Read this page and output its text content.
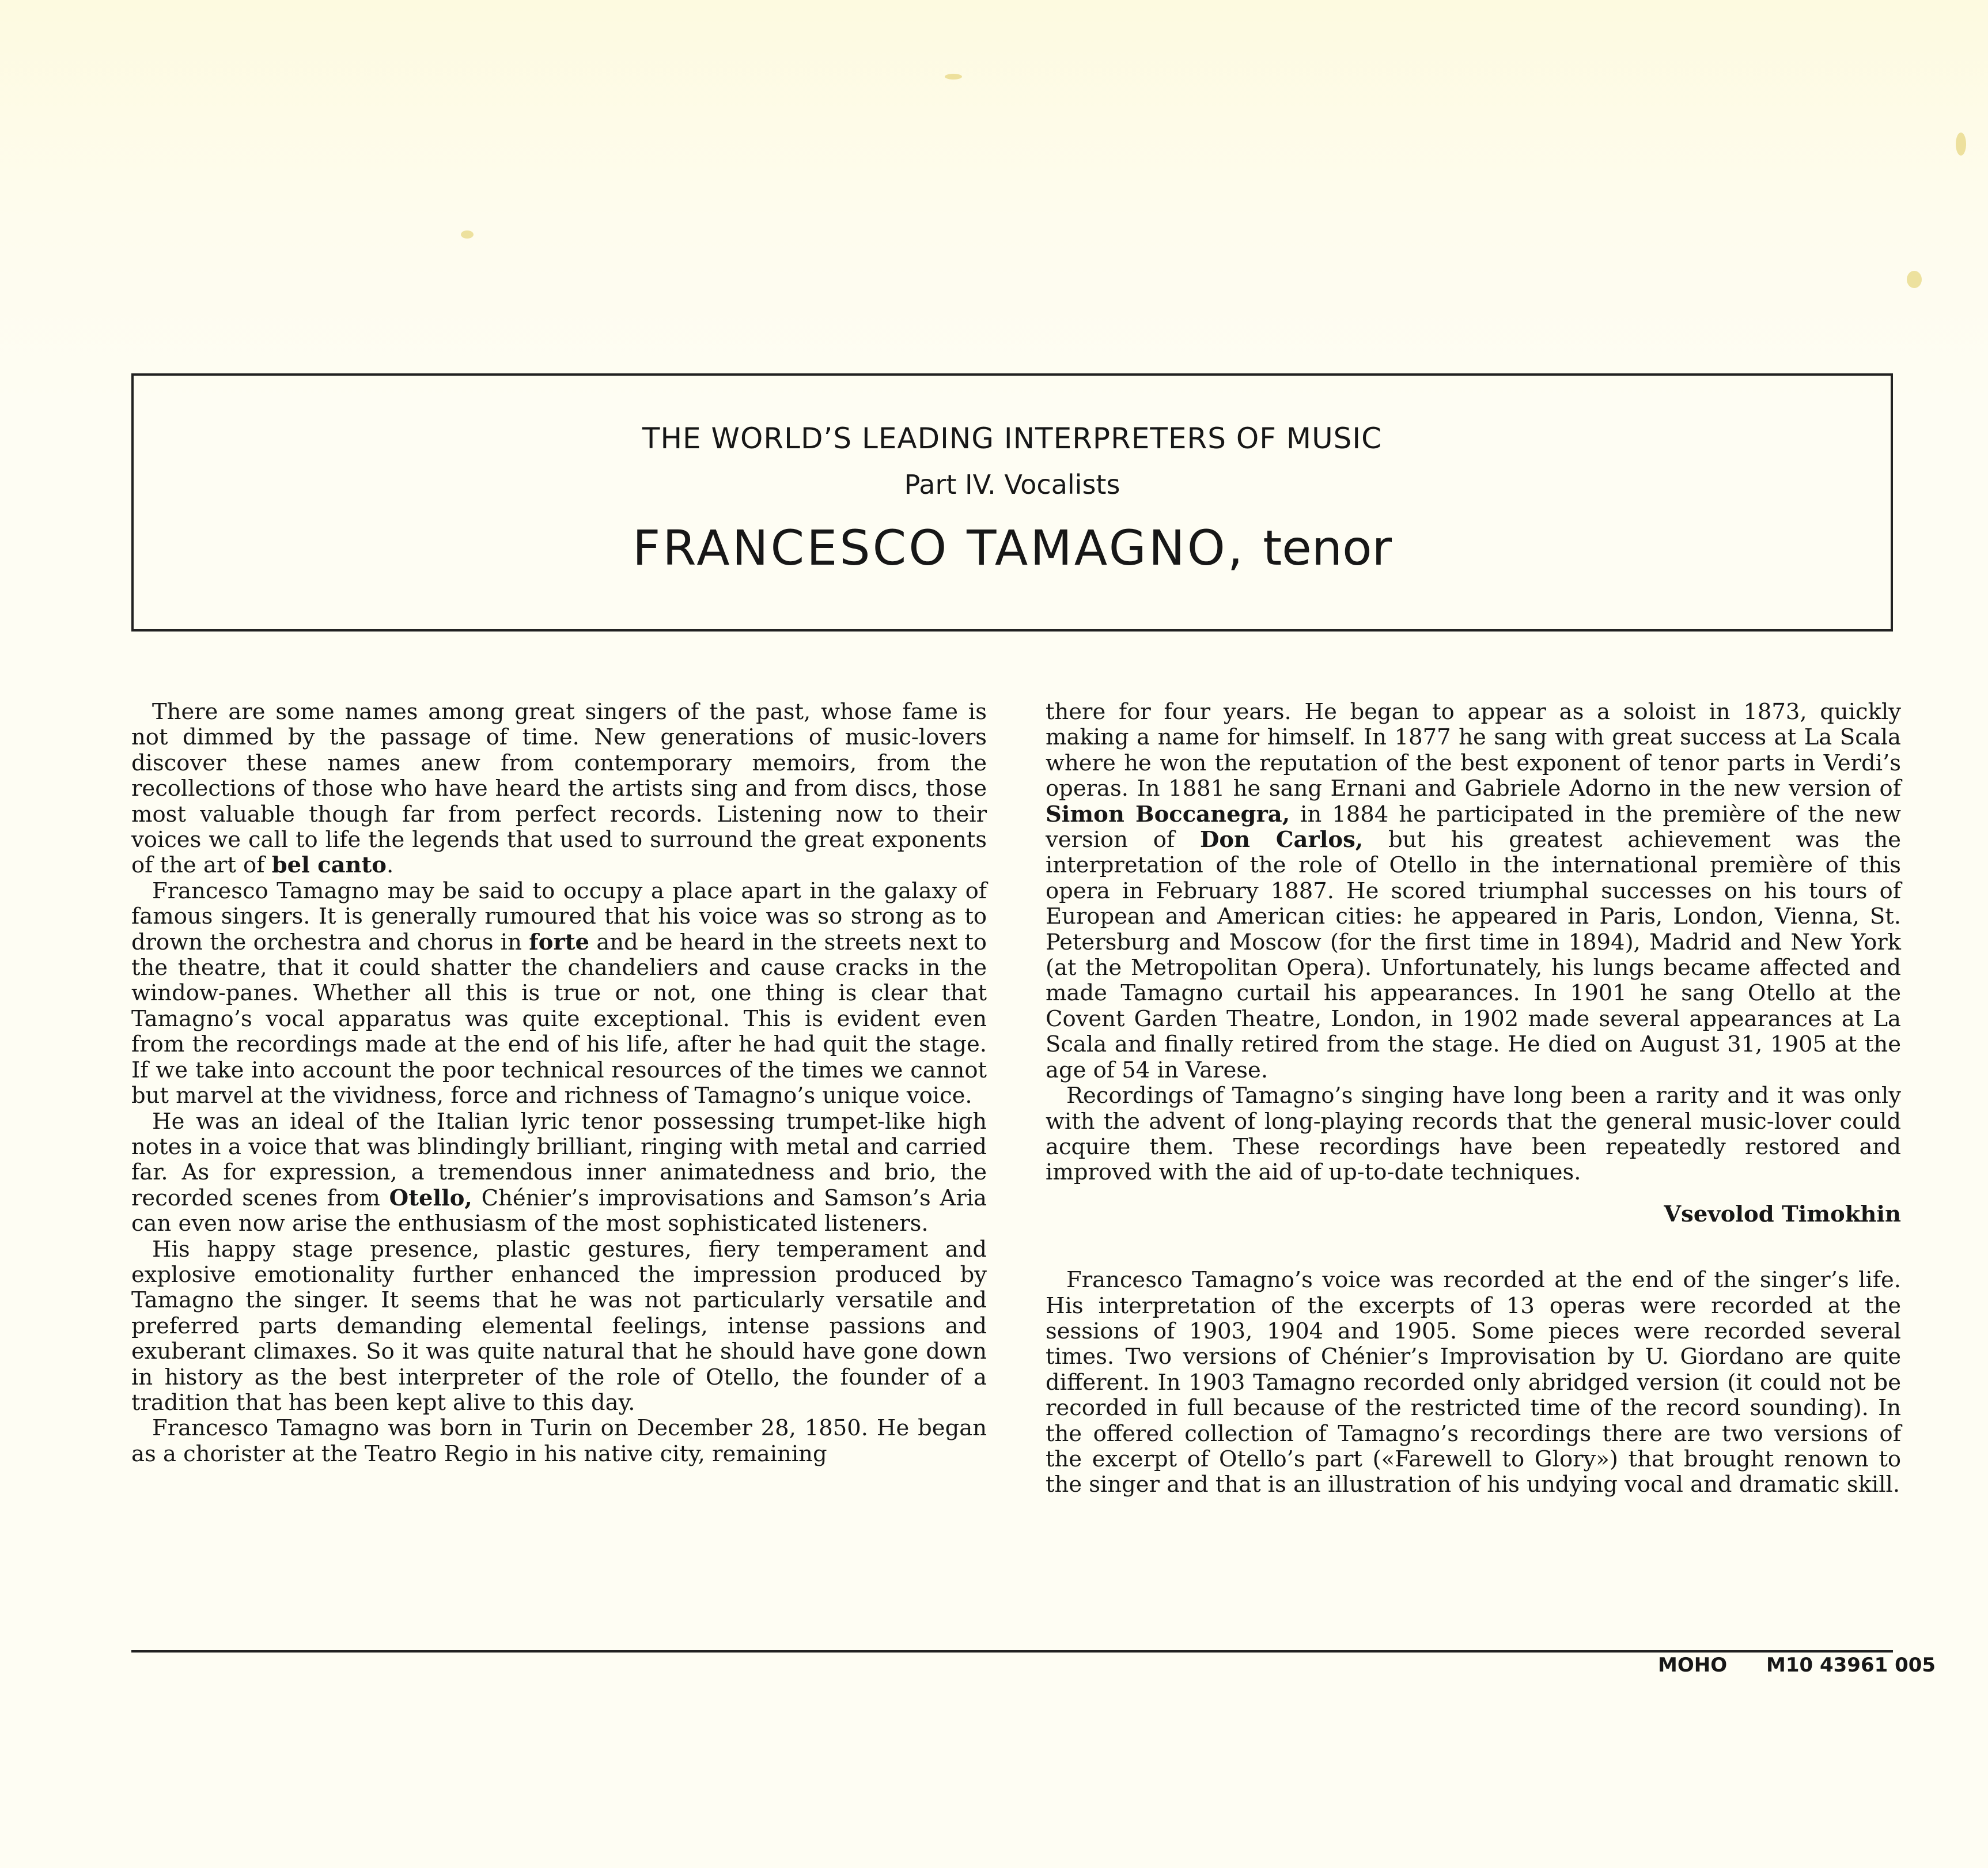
THE WORLD’S LEADING INTERPRETERS OF MUSIC
Part IV. Vocalists
FRANCESCO TAMAGNO, tenor

There are some names among great singers of the past, whose fame is not dimmed by the passage of time. New generations of music-lovers discover these names anew from contemporary memoirs, from the recollections of those who have heard the artists sing and from discs, those most valuable though far from perfect records. Listening now to their voices we call to life the legends that used to surround the great exponents of the art of bel canto.

Francesco Tamagno may be said to occupy a place apart in the galaxy of famous singers. It is generally rumoured that his voice was so strong as to drown the orchestra and chorus in forte and be heard in the streets next to the theatre, that it could shatter the chandeliers and cause cracks in the window-panes. Whether all this is true or not, one thing is clear that Tamagno’s vocal apparatus was quite exceptional. This is evident even from the recordings made at the end of his life, after he had quit the stage. If we take into account the poor technical resources of the times we cannot but marvel at the vividness, force and richness of Tamagno’s unique voice.

He was an ideal of the Italian lyric tenor possessing trumpet-like high notes in a voice that was blindingly brilliant, ringing with metal and carried far. As for expression, a tremendous inner animatedness and brio, the recorded scenes from Otello, Chénier’s improvisations and Samson’s Aria can even now arise the enthusiasm of the most sophisticated listeners.

His happy stage presence, plastic gestures, fiery temperament and explosive emotionality further enhanced the impression produced by Tamagno the singer. It seems that he was not particularly versatile and preferred parts demanding elemental feelings, intense passions and exuberant climaxes. So it was quite natural that he should have gone down in history as the best interpreter of the role of Otello, the founder of a tradition that has been kept alive to this day.

Francesco Tamagno was born in Turin on December 28, 1850. He began as a chorister at the Teatro Regio in his native city, remaining

there for four years. He began to appear as a soloist in 1873, quickly making a name for himself. In 1877 he sang with great success at La Scala where he won the reputation of the best exponent of tenor parts in Verdi’s operas. In 1881 he sang Ernani and Gabriele Adorno in the new version of Simon Boccanegra, in 1884 he participated in the première of the new version of Don Carlos, but his greatest achievement was the interpretation of the role of Otello in the international première of this opera in February 1887. He scored triumphal successes on his tours of European and American cities: he appeared in Paris, London, Vienna, St. Petersburg and Moscow (for the first time in 1894), Madrid and New York (at the Metropolitan Opera). Unfortunately, his lungs became affected and made Tamagno curtail his appearances. In 1901 he sang Otello at the Covent Garden Theatre, London, in 1902 made several appearances at La Scala and finally retired from the stage. He died on August 31, 1905 at the age of 54 in Varese.

Recordings of Tamagno’s singing have long been a rarity and it was only with the advent of long-playing records that the general music-lover could acquire them. These recordings have been repeatedly restored and improved with the aid of up-to-date techniques.

Vsevolod Timokhin

Francesco Tamagno’s voice was recorded at the end of the singer’s life. His interpretation of the excerpts of 13 operas were recorded at the sessions of 1903, 1904 and 1905. Some pieces were recorded several times. Two versions of Chénier’s Improvisation by U. Giordano are quite different. In 1903 Tamagno recorded only abridged version (it could not be recorded in full because of the restricted time of the record sounding). In the offered collection of Tamagno’s recordings there are two versions of the excerpt of Otello’s part («Farewell to Glory») that brought renown to the singer and that is an illustration of his undying vocal and dramatic skill.

МОНО М10 43961 005
